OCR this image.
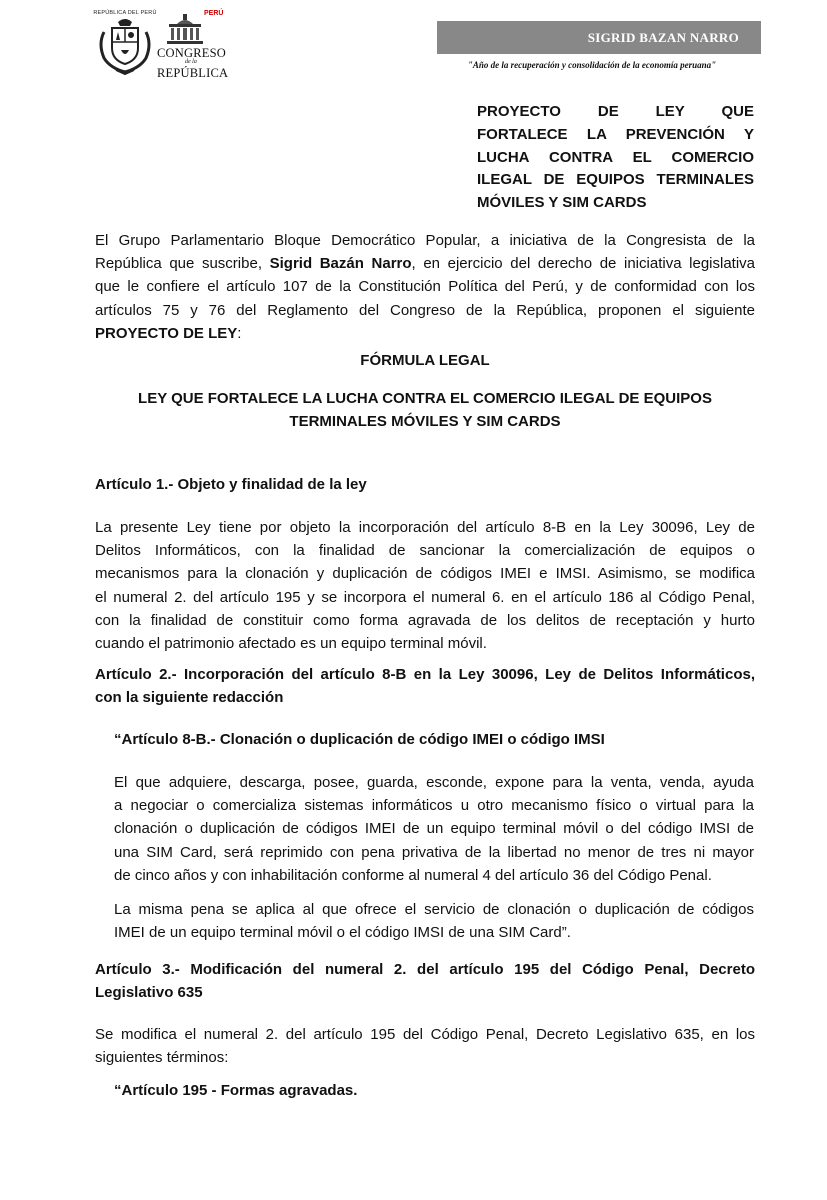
REPÚBLICA DEL PERÚ	PERÚ
CONGRESO
de la
REPÚBLICA
SIGRID BAZAN NARRO
"Año de la recuperación y consolidación de la economía peruana"
PROYECTO DE LEY QUE
FORTALECE LA PREVENCIÓN Y
LUCHA CONTRA EL COMERCIO
ILEGAL DE EQUIPOS TERMINALES
MÓVILES Y SIM CARDS
El Grupo Parlamentario Bloque Democrático Popular, a iniciativa de la Congresista de la
República que suscribe, Sigrid Bazán Narro, en ejercicio del derecho de iniciativa legislativa
que le confiere el artículo 107 de la Constitución Política del Perú, y de conformidad con los
artículos 75 y 76 del Reglamento del Congreso de la República, proponen el siguiente
PROYECTO DE LEY:
FÓRMULA LEGAL
LEY QUE FORTALECE LA LUCHA CONTRA EL COMERCIO ILEGAL DE EQUIPOS
TERMINALES MÓVILES Y SIM CARDS
Artículo 1.- Objeto y finalidad de la ley
La presente Ley tiene por objeto la incorporación del artículo 8-B en la Ley 30096, Ley de
Delitos Informáticos, con la finalidad de sancionar la comercialización de equipos o
mecanismos para la clonación y duplicación de códigos IMEI e IMSI. Asimismo, se modifica
el numeral 2. del artículo 195 y se incorpora el numeral 6. en el artículo 186 al Código Penal,
con la finalidad de constituir como forma agravada de los delitos de receptación y hurto
cuando el patrimonio afectado es un equipo terminal móvil.
Artículo 2.- Incorporación del artículo 8-B en la Ley 30096, Ley de Delitos Informáticos,
con la siguiente redacción
“Artículo 8-B.- Clonación o duplicación de código IMEI o código IMSI
El que adquiere, descarga, posee, guarda, esconde, expone para la venta, venda, ayuda
a negociar o comercializa sistemas informáticos u otro mecanismo físico o virtual para la
clonación o duplicación de códigos IMEI de un equipo terminal móvil o del código IMSI de
una SIM Card, será reprimido con pena privativa de la libertad no menor de tres ni mayor
de cinco años y con inhabilitación conforme al numeral 4 del artículo 36 del Código Penal.
La misma pena se aplica al que ofrece el servicio de clonación o duplicación de códigos
IMEI de un equipo terminal móvil o el código IMSI de una SIM Card”.
Artículo 3.- Modificación del numeral 2. del artículo 195 del Código Penal, Decreto
Legislativo 635
Se modifica el numeral 2. del artículo 195 del Código Penal, Decreto Legislativo 635, en los
siguientes términos:
“Artículo 195 - Formas agravadas.
